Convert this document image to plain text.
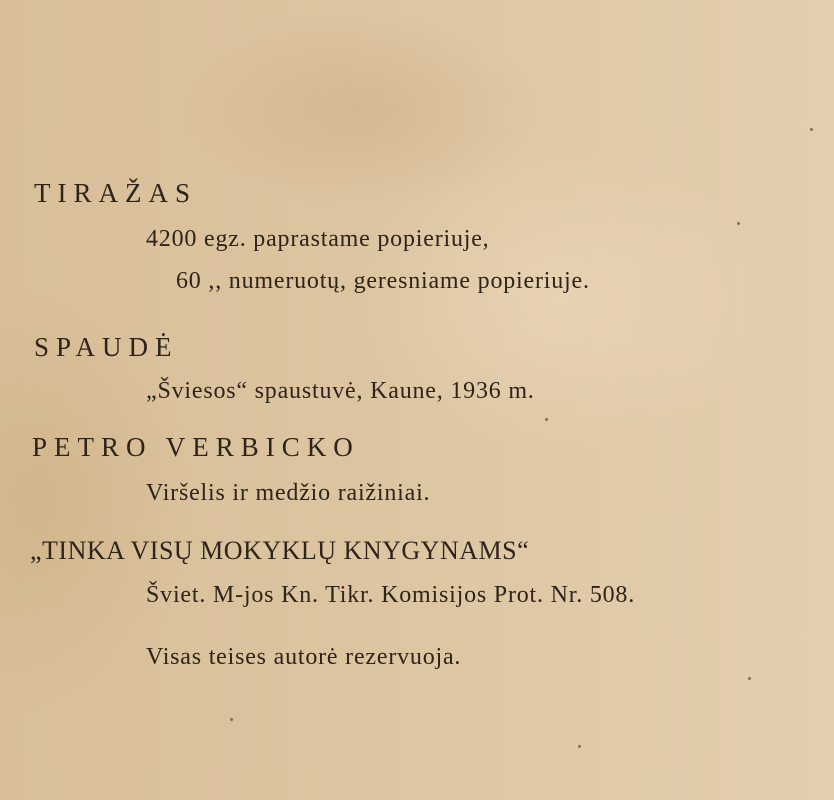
TIRAŽAS
4200 egz. paprastame popieriuje,
60 ,, numeruotų, geresniame popieriuje.
SPAUDĖ
„Šviesos“ spaustuvė, Kaune, 1936 m.
PETRO VERBICKO
Viršelis ir medžio raižiniai.
„TINKA VISŲ MOKYKLŲ KNYGYNAMS“
Šviet. M-jos Kn. Tikr. Komisijos Prot. Nr. 508.
Visas teises autorė rezervuoja.
